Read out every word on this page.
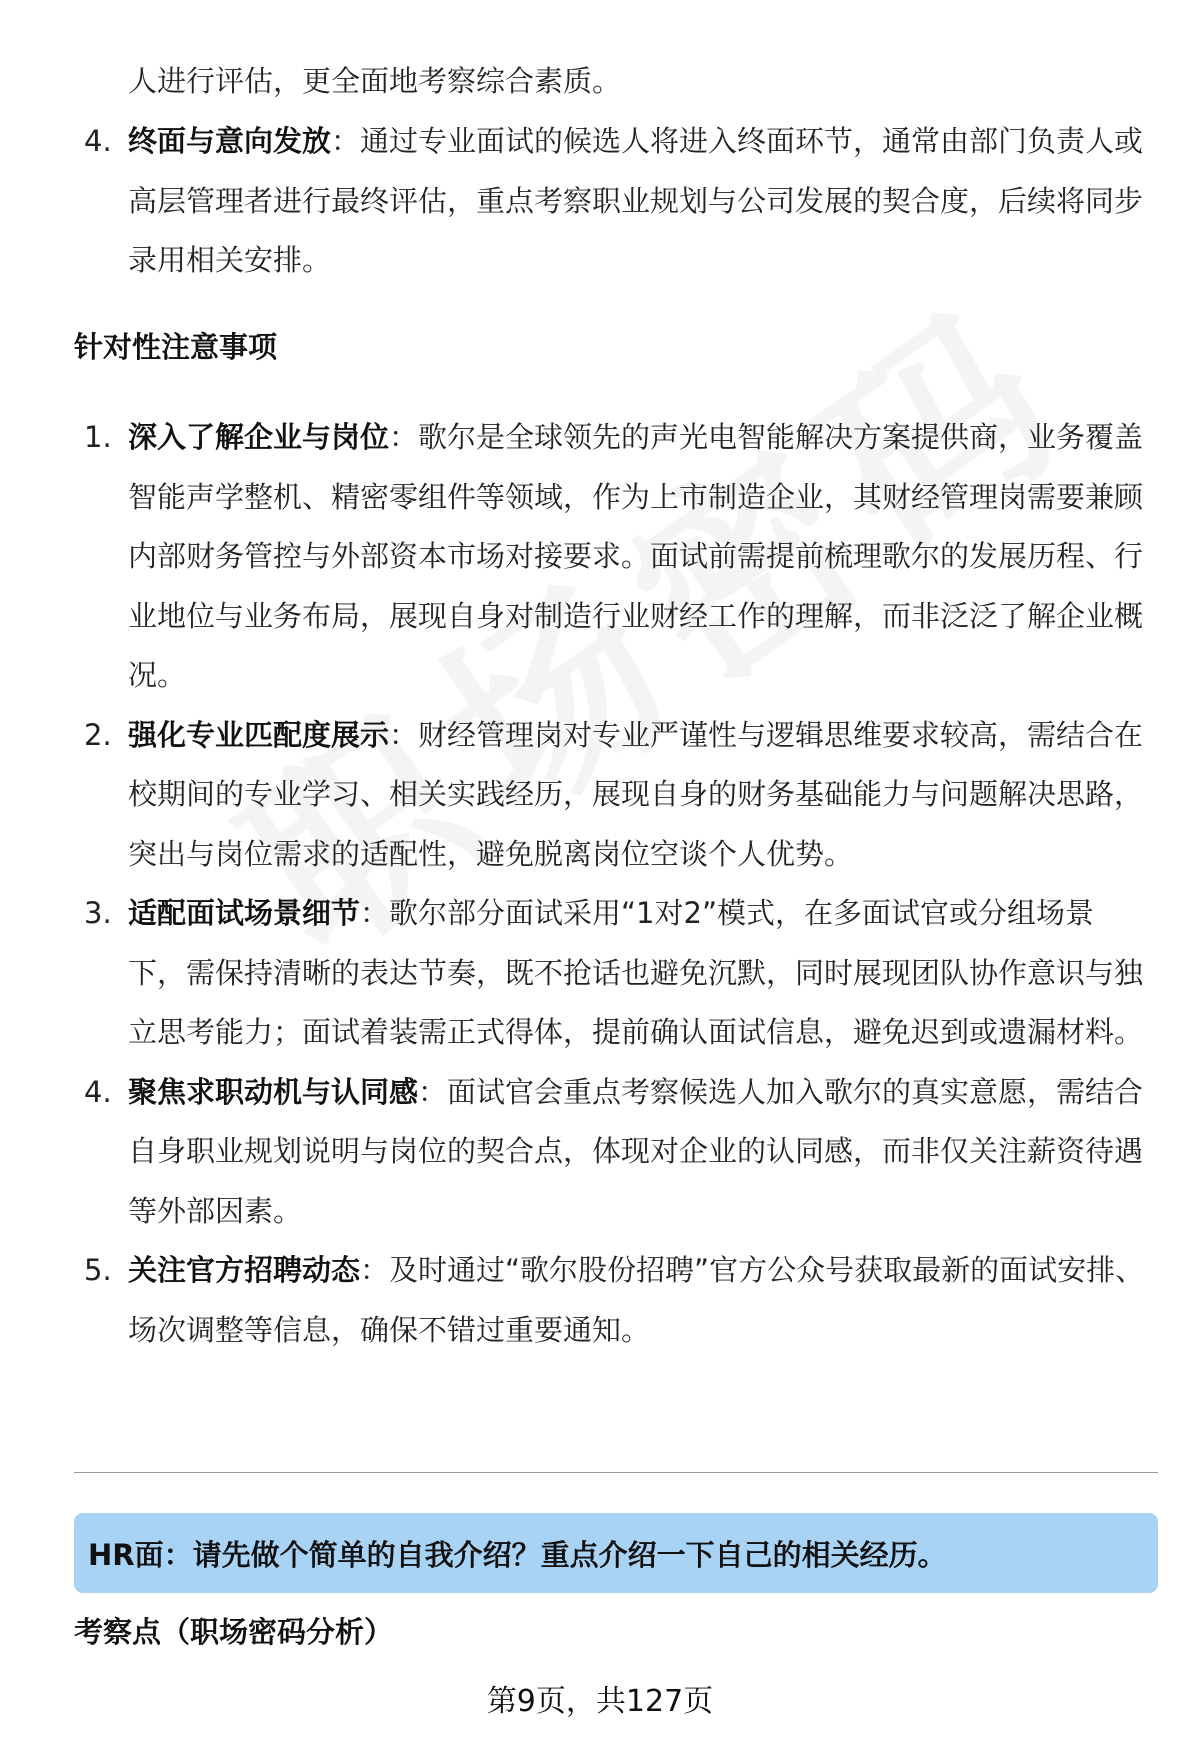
人进行评估，更全面地考察综合素质。
4. 终面与意向发放：通过专业面试的候选人将进入终面环节，通常由部门负责人或高层管理者进行最终评估，重点考察职业规划与公司发展的契合度，后续将同步录用相关安排。
针对性注意事项
1. 深入了解企业与岗位：歌尔是全球领先的声光电智能解决方案提供商，业务覆盖智能声学整机、精密零组件等领域，作为上市制造企业，其财经管理岗需要兼顾内部财务管控与外部资本市场对接要求。面试前需提前梳理歌尔的发展历程、行业地位与业务布局，展现自身对制造行业财经工作的理解，而非泛泛了解企业概况。
2. 强化专业匹配度展示：财经管理岗对专业严谨性与逻辑思维要求较高，需结合在校期间的专业学习、相关实践经历，展现自身的财务基础能力与问题解决思路，突出与岗位需求的适配性，避免脱离岗位空谈个人优势。
3. 适配面试场景细节：歌尔部分面试采用“1对2”模式，在多面试官或分组场景下，需保持清晰的表达节奏，既不抢话也避免沉默，同时展现团队协作意识与独立思考能力；面试着装需正式得体，提前确认面试信息，避免迟到或遗漏材料。
4. 聚焦求职动机与认同感：面试官会重点考察候选人加入歌尔的真实意愿，需结合自身职业规划说明与岗位的契合点，体现对企业的认同感，而非仅关注薪资待遇等外部因素。
5. 关注官方招聘动态：及时通过“歌尔股份招聘”官方公众号获取最新的面试安排、场次调整等信息，确保不错过重要通知。
HR面：请先做个简单的自我介绍？重点介绍一下自己的相关经历。
考察点（职场密码分析）
第9页，共127页
